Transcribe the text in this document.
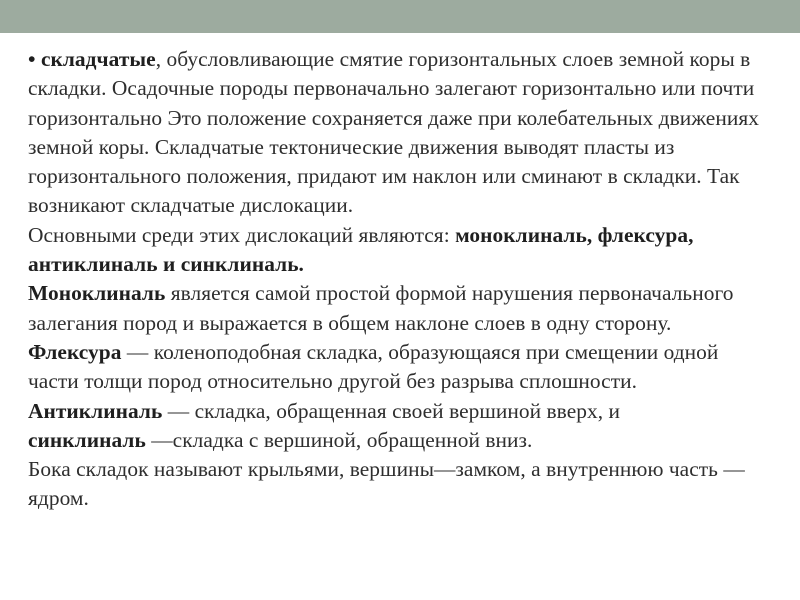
• складчатые, обусловливающие смятие горизонтальных слоев земной коры в складки. Осадочные породы первоначально залегают горизонтально или почти горизонтально Это положение сохраняется даже при колебательных движениях земной коры. Складчатые тектонические движения выводят пласты из горизонтального положения, придают им наклон или сминают в складки. Так возникают складчатые дислокации.

Основными среди этих дислокаций являются: моноклиналь, флексура, антиклиналь и синклиналь.

Моноклиналь является самой простой формой нарушения первоначального залегания пород и выражается в общем наклоне слоев в одну сторону.

Флексура — коленоподобная складка, образующаяся при смещении одной части толщи пород относительно другой без разрыва сплошности.

Антиклиналь — складка, обращенная своей вершиной вверх, и

синклиналь —складка с вершиной, обращенной вниз.

Бока складок называют крыльями, вершины—замком, а внутреннюю часть —ядром.
